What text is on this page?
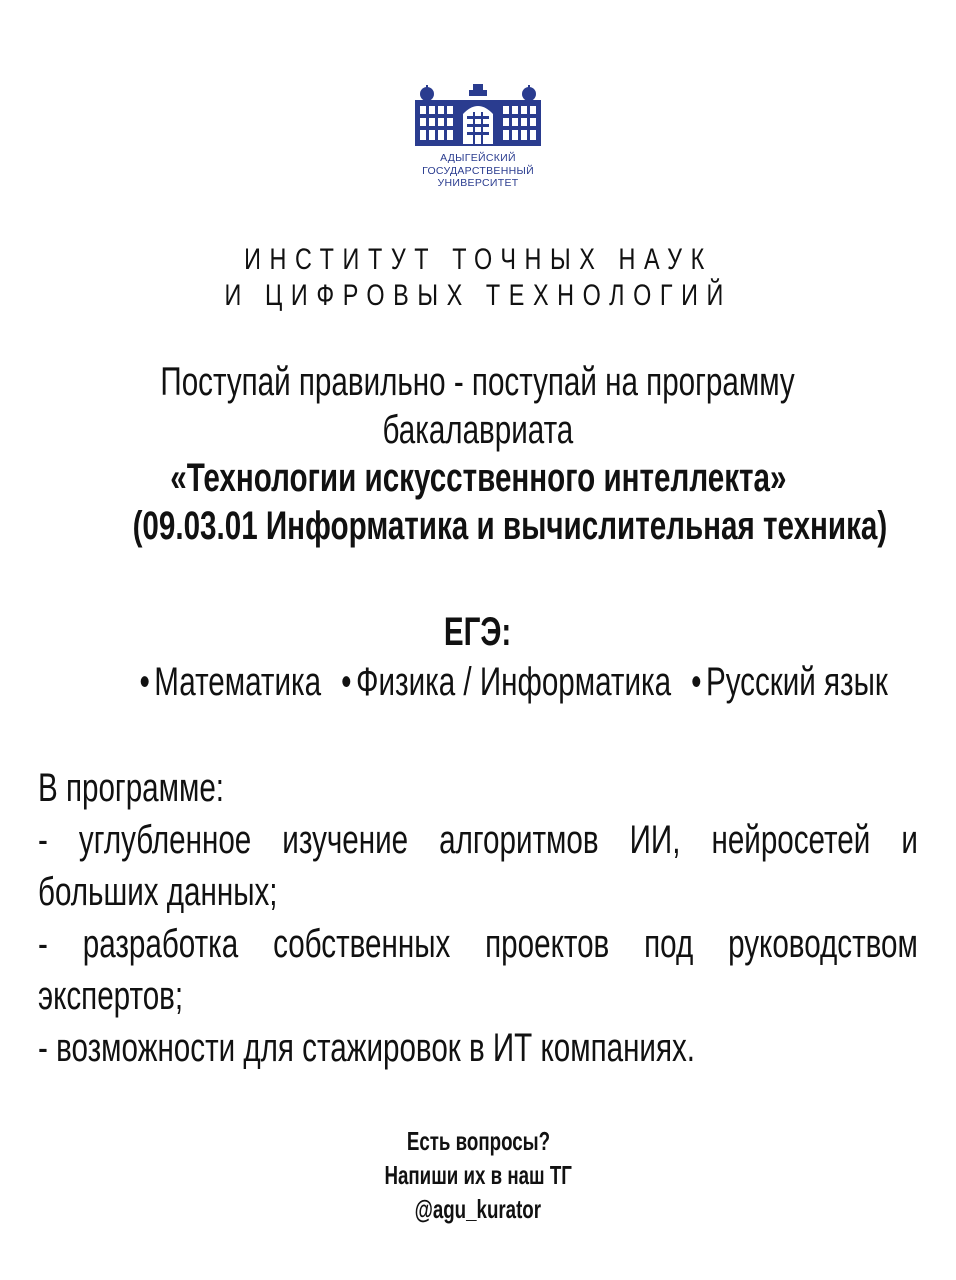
АДЫГЕЙСКИЙ
ГОСУДАРСТВЕННЫЙ
УНИВЕРСИТЕТ
ИНСТИТУТ ТОЧНЫХ НАУК
И ЦИФРОВЫХ ТЕХНОЛОГИЙ
Поступай правильно - поступай на программу
бакалавриата
«Технологии искусственного интеллекта»
(09.03.01 Информатика и вычислительная техника)
ЕГЭ:
• Математика • Физика / Информатика • Русский язык
В программе:
- углубленное изучение алгоритмов ИИ, нейросетей и
больших данных;
- разработка собственных проектов под руководством
экспертов;
- возможности для стажировок в ИТ компаниях.
Есть вопросы?
Напиши их в наш ТГ
@agu_kurator
